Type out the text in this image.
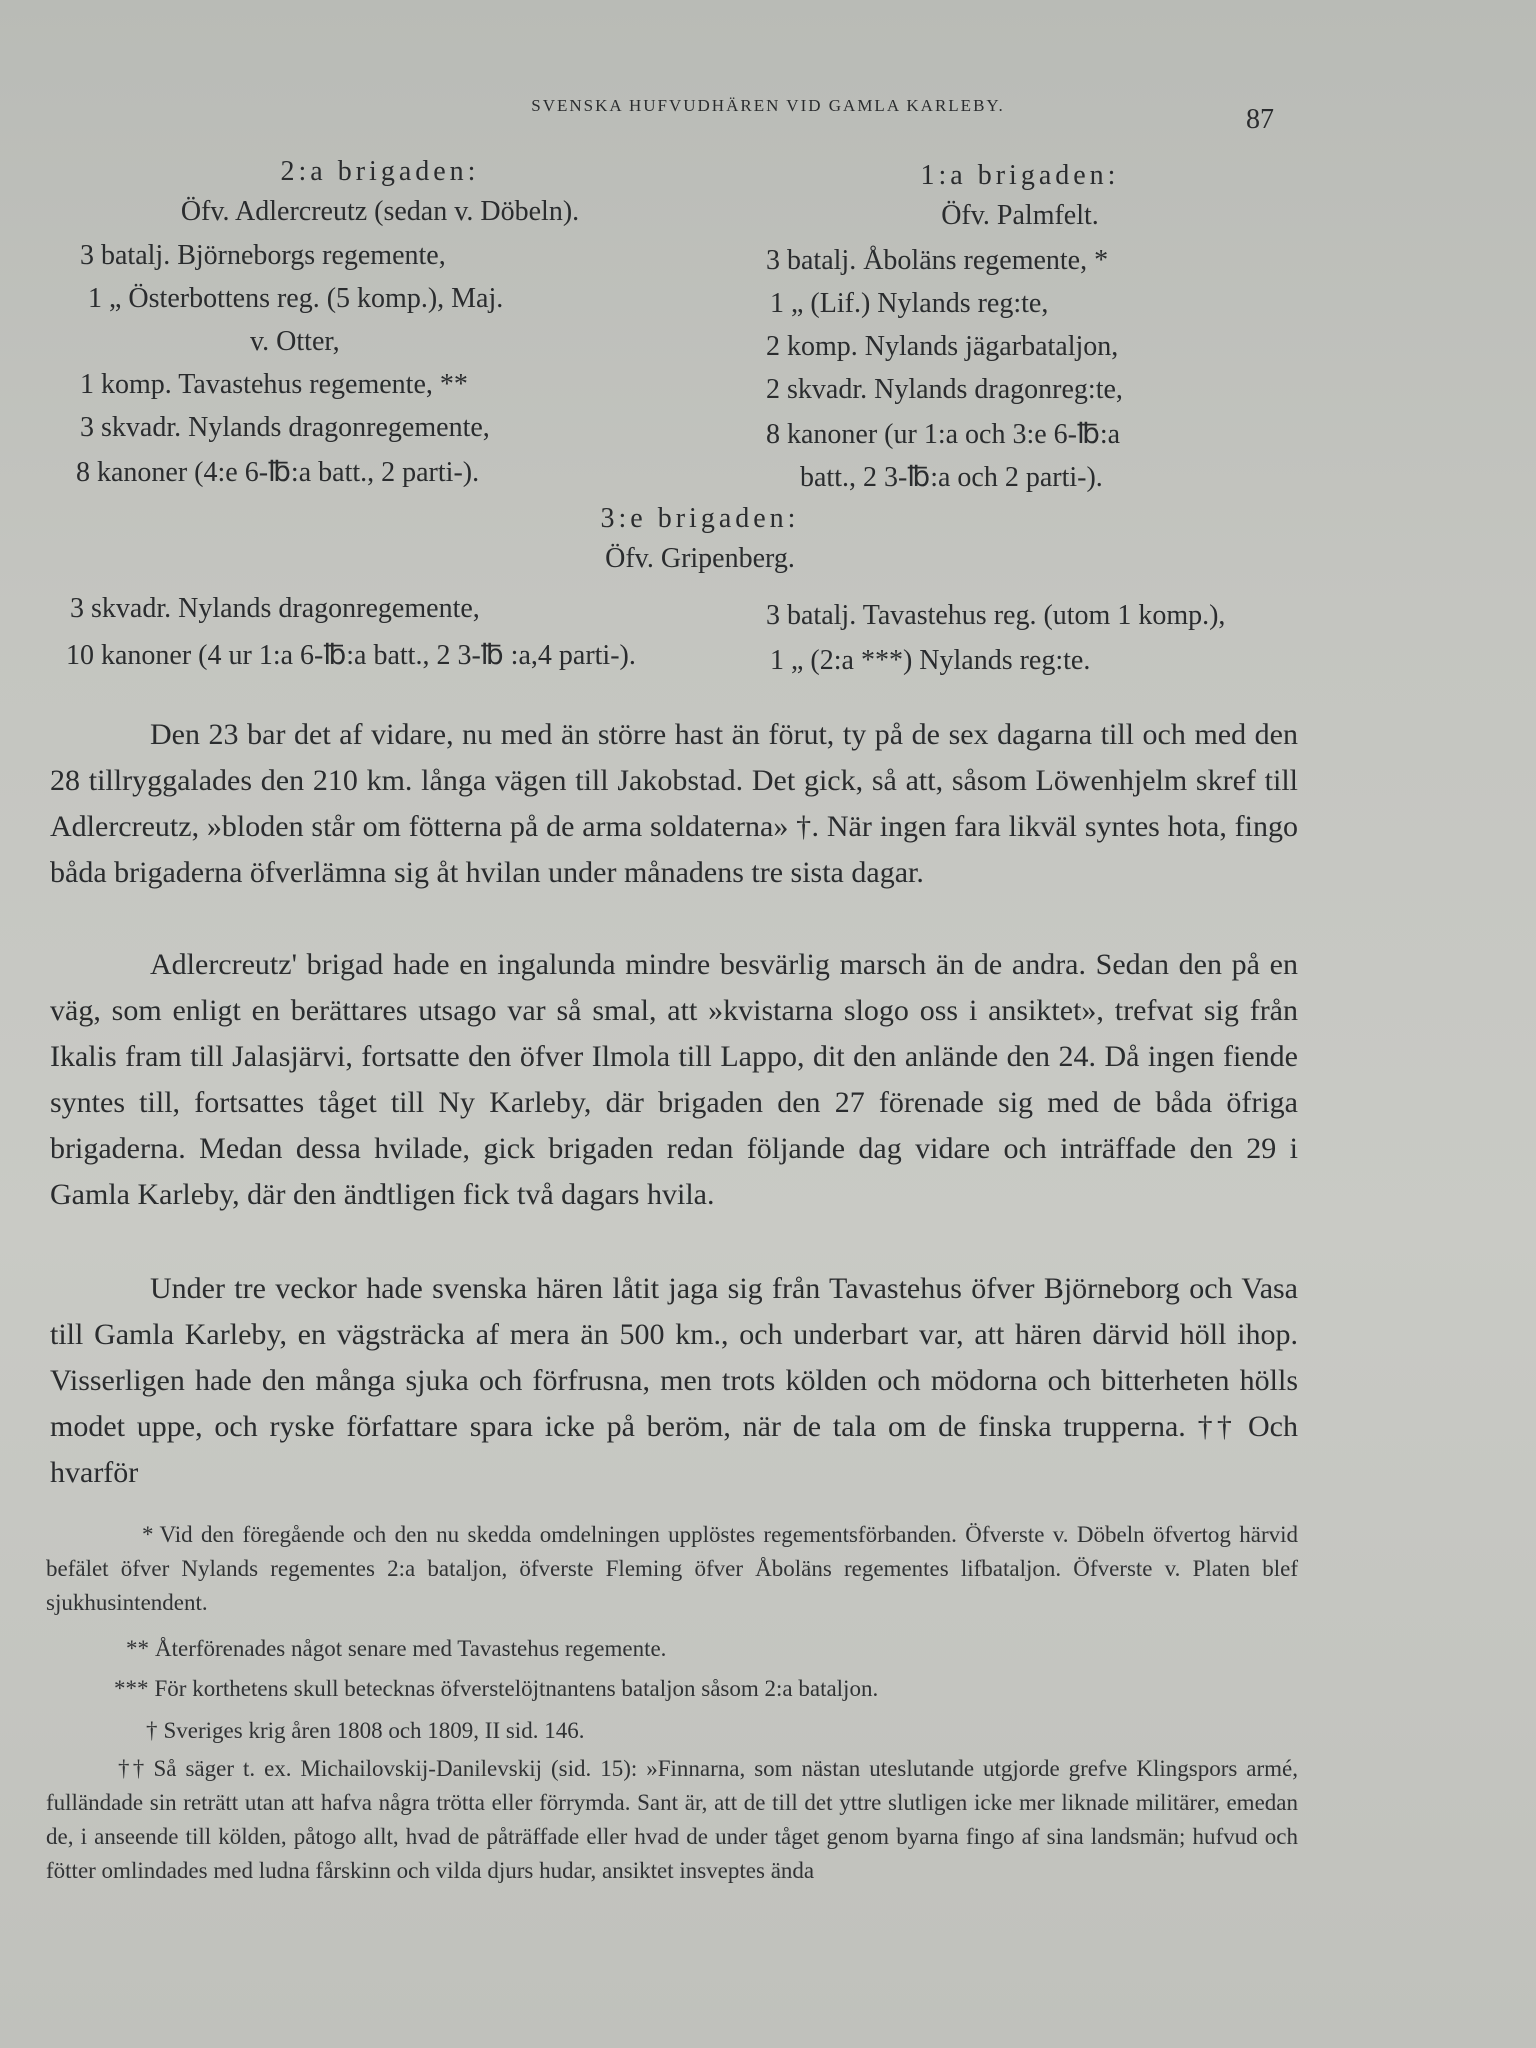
SVENSKA HUFVUDHÄREN VID GAMLA KARLEBY.	87
2:a brigaden:
Öfv. Adlercreutz (sedan v. Döbeln).
3 batalj. Björneborgs regemente,
1 „ Österbottens reg. (5 komp.), Maj.
v. Otter,
1 komp. Tavastehus regemente, **
3 skvadr. Nylands dragonregemente,
8 kanoner (4:e 6-℔:a batt., 2 parti-).
1:a brigaden:
Öfv. Palmfelt.
3 batalj. Åboläns regemente, *
1 „ (Lif.) Nylands reg:te,
2 komp. Nylands jägarbataljon,
2 skvadr. Nylands dragonreg:te,
8 kanoner (ur 1:a och 3:e 6-℔:a
batt., 2 3-℔:a och 2 parti-).
3:e brigaden:
Öfv. Gripenberg.
3 skvadr. Nylands dragonregemente,
10 kanoner (4 ur 1:a 6-℔:a batt., 2 3-℔ :a,4 parti-).
3 batalj. Tavastehus reg. (utom 1 komp.),
1 „ (2:a ***) Nylands reg:te.
Den 23 bar det af vidare, nu med än större hast än förut, ty på de sex dagarna till och med den 28 tillryggalades den 210 km. långa vägen till Jakobstad. Det gick, så att, såsom Löwenhjelm skref till Adlercreutz, »bloden står om fötterna på de arma soldaterna» †. När ingen fara likväl syntes hota, fingo båda brigaderna öfverlämna sig åt hvilan under månadens tre sista dagar.
Adlercreutz' brigad hade en ingalunda mindre besvärlig marsch än de andra. Sedan den på en väg, som enligt en berättares utsago var så smal, att »kvistarna slogo oss i ansiktet», trefvat sig från Ikalis fram till Jalasjärvi, fortsatte den öfver Ilmola till Lappo, dit den anlände den 24. Då ingen fiende syntes till, fortsattes tåget till Ny Karleby, där brigaden den 27 förenade sig med de båda öfriga brigaderna. Medan dessa hvilade, gick brigaden redan följande dag vidare och inträffade den 29 i Gamla Karleby, där den ändtligen fick två dagars hvila.
Under tre veckor hade svenska hären låtit jaga sig från Tavastehus öfver Björneborg och Vasa till Gamla Karleby, en vägsträcka af mera än 500 km., och underbart var, att hären därvid höll ihop. Visserligen hade den många sjuka och förfrusna, men trots kölden och mödorna och bitterheten hölls modet uppe, och ryske författare spara icke på beröm, när de tala om de finska trupperna. †† Och hvarför
* Vid den föregående och den nu skedda omdelningen upplöstes regementsförbanden. Öfverste v. Döbeln öfvertog härvid befälet öfver Nylands regementes 2:a bataljon, öfverste Fleming öfver Åboläns regementes lifbataljon. Öfverste v. Platen blef sjukhusintendent.
** Återförenades något senare med Tavastehus regemente.
*** För korthetens skull betecknas öfverstelöjtnantens bataljon såsom 2:a bataljon.
† Sveriges krig åren 1808 och 1809, II sid. 146.
†† Så säger t. ex. Michailovskij-Danilevskij (sid. 15): »Finnarna, som nästan uteslutande utgjorde grefve Klingspors armé, fulländade sin reträtt utan att hafva några trötta eller förrymda. Sant är, att de till det yttre slutligen icke mer liknade militärer, emedan de, i anseende till kölden, påtogo allt, hvad de påträffade eller hvad de under tåget genom byarna fingo af sina landsmän; hufvud och fötter omlindades med ludna fårskinn och vilda djurs hudar, ansiktet insveptes ända
